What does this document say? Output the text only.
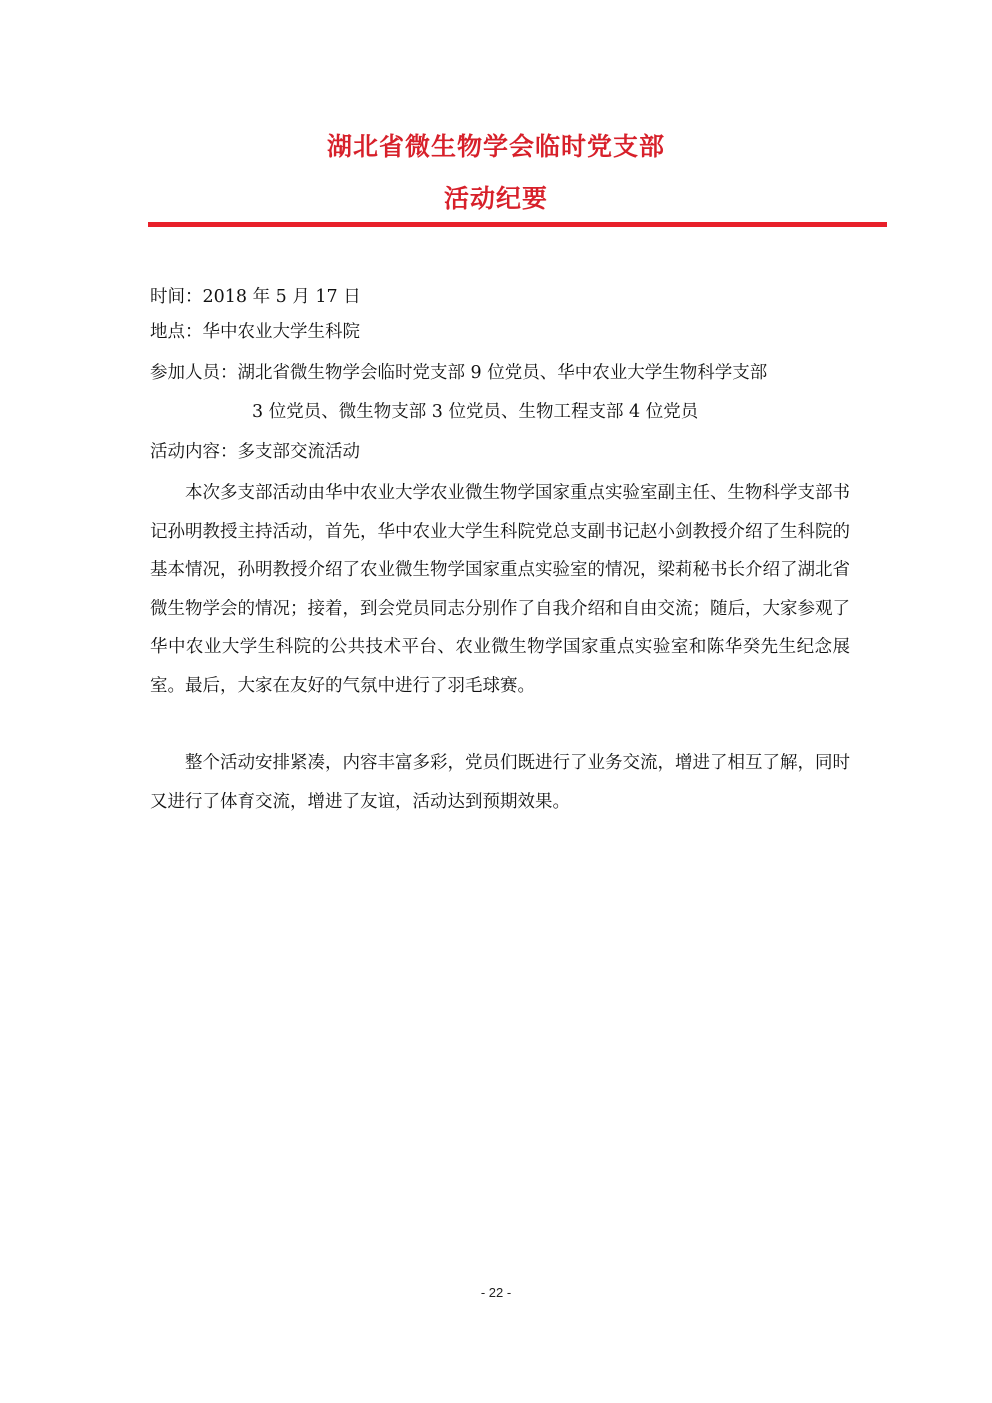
湖北省微生物学会临时党支部
活动纪要
时间：2018 年 5 月 17 日
地点：华中农业大学生科院
参加人员：湖北省微生物学会临时党支部 9 位党员、华中农业大学生物科学支部
3 位党员、微生物支部 3 位党员、生物工程支部 4 位党员
活动内容：多支部交流活动
本次多支部活动由华中农业大学农业微生物学国家重点实验室副主任、生物科学支部书记孙明教授主持活动，首先，华中农业大学生科院党总支副书记赵小剑教授介绍了生科院的基本情况，孙明教授介绍了农业微生物学国家重点实验室的情况，梁莉秘书长介绍了湖北省微生物学会的情况；接着，到会党员同志分别作了自我介绍和自由交流；随后，大家参观了华中农业大学生科院的公共技术平台、农业微生物学国家重点实验室和陈华癸先生纪念展室。最后，大家在友好的气氛中进行了羽毛球赛。
整个活动安排紧凑，内容丰富多彩，党员们既进行了业务交流，增进了相互了解，同时又进行了体育交流，增进了友谊，活动达到预期效果。
- 22 -
